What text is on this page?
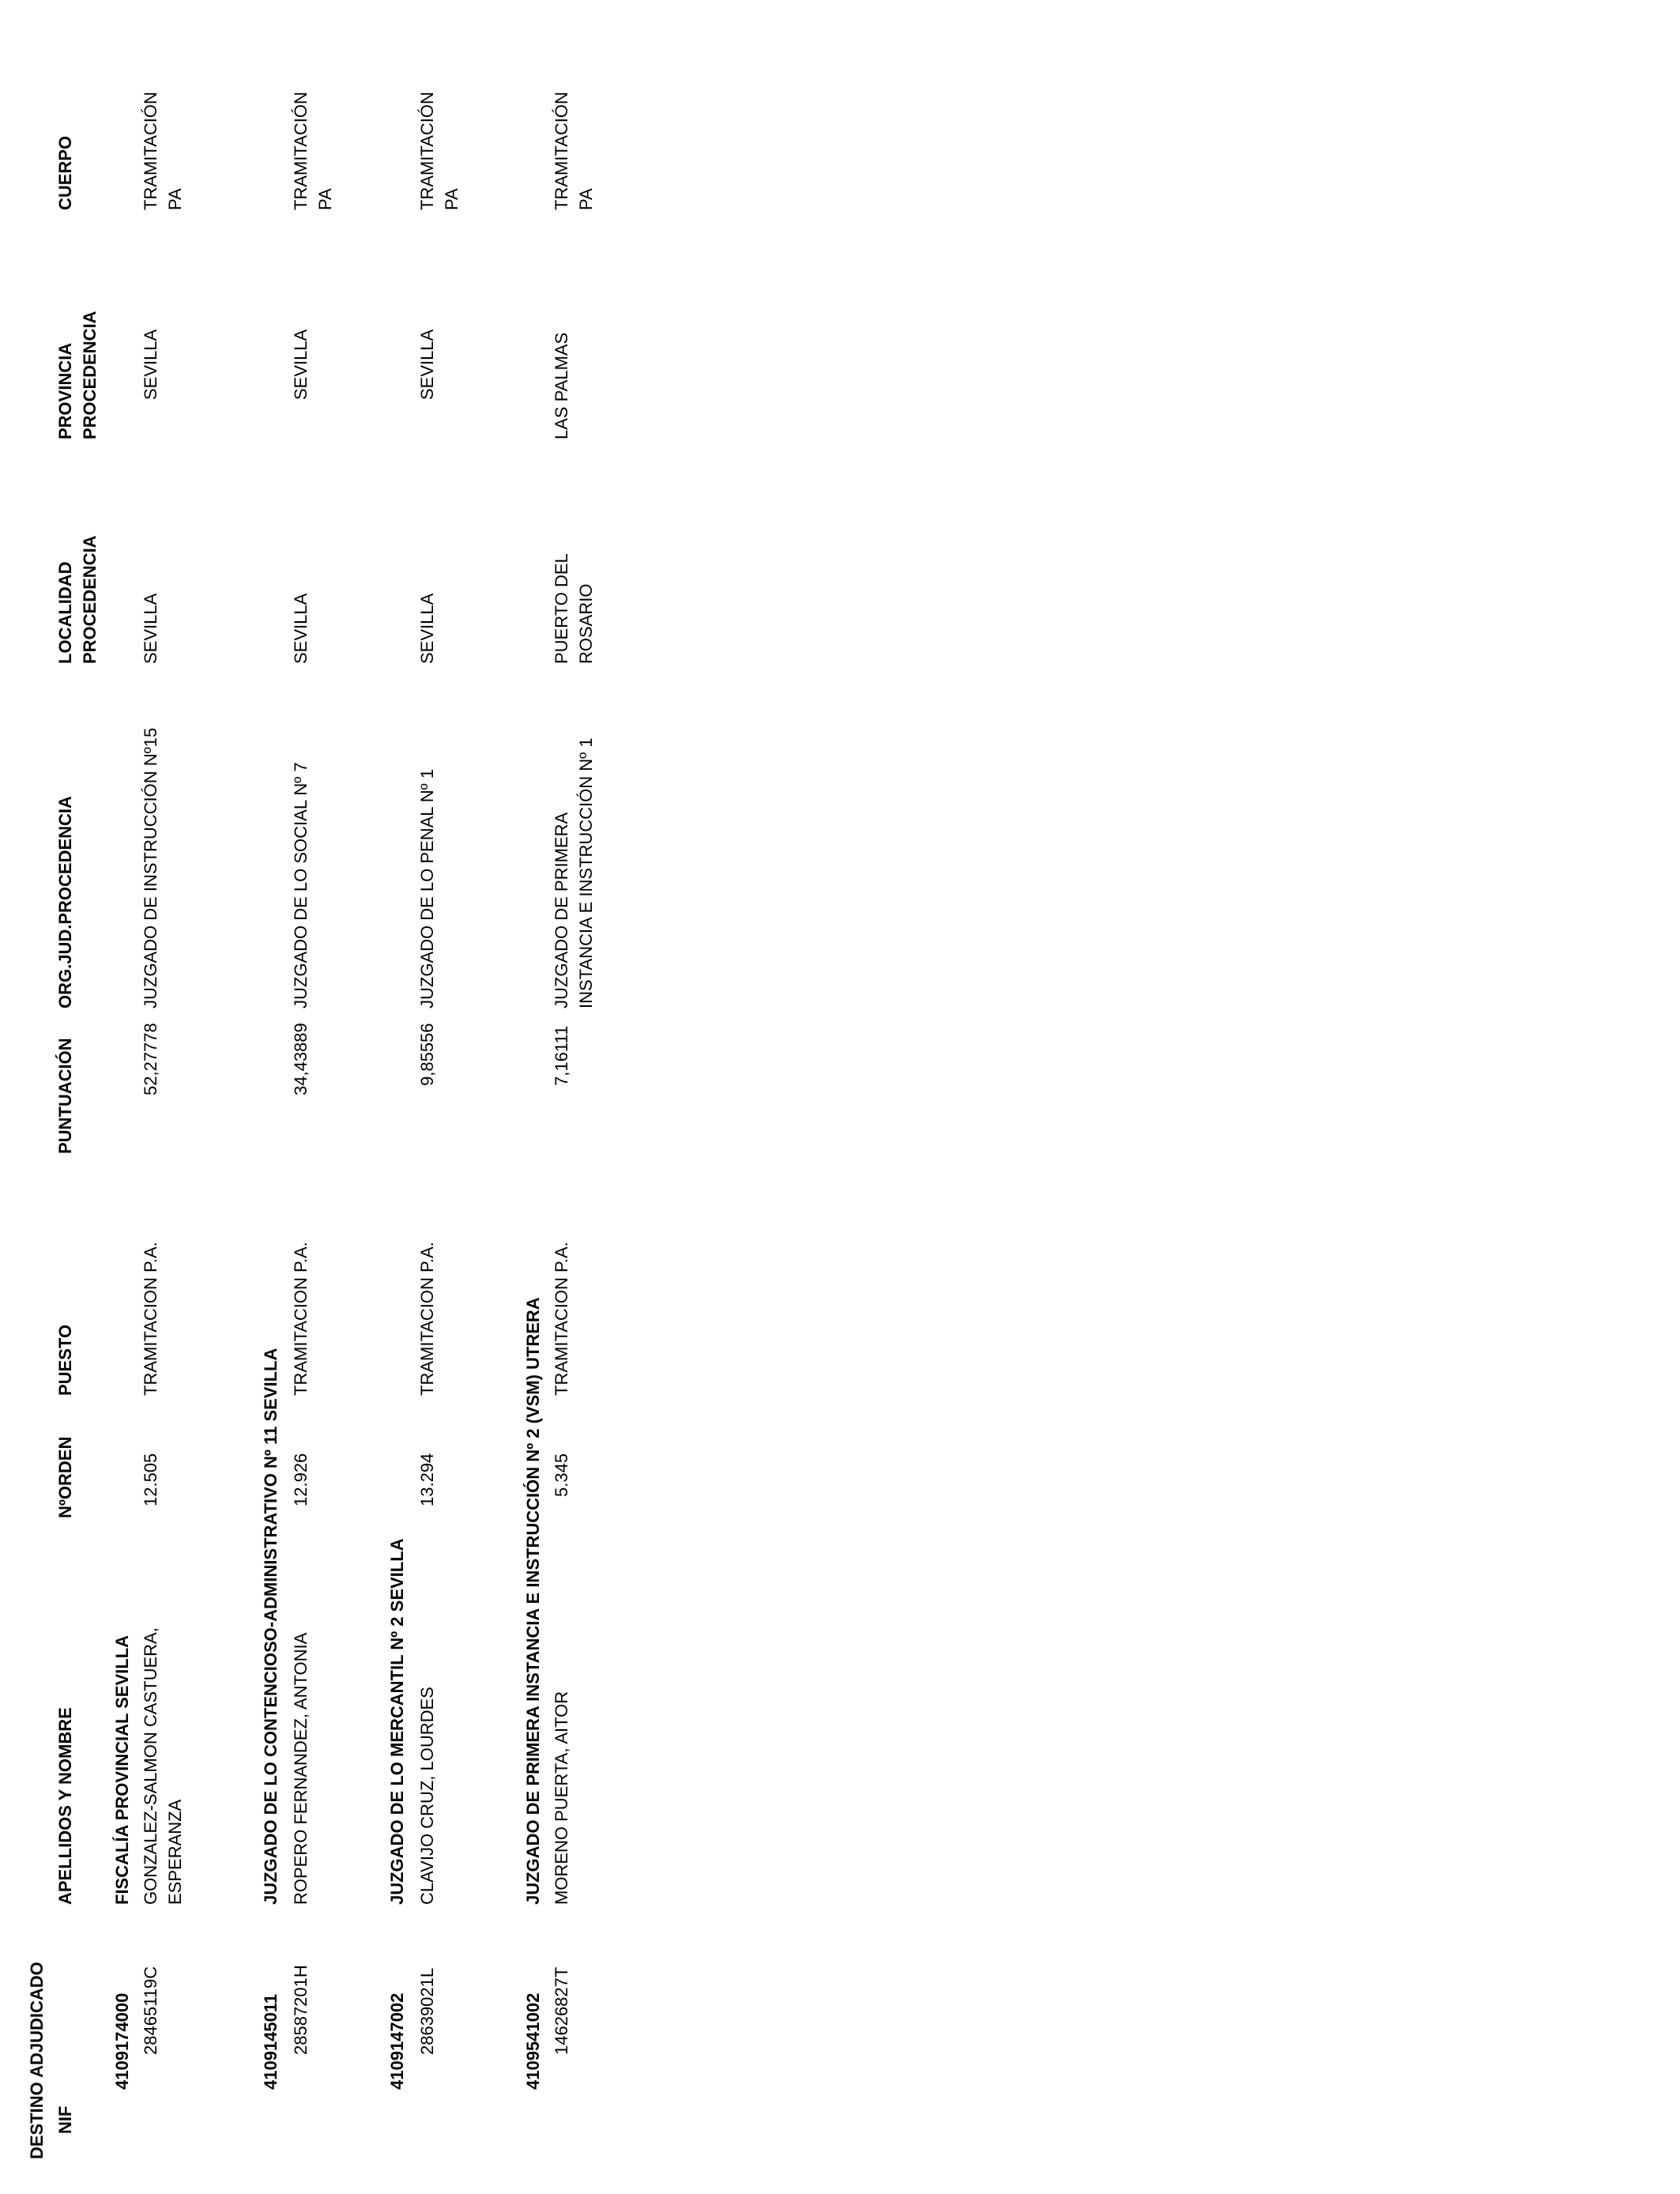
DESTINO ADJUDICADO NIF
APELLIDOS Y NOMBRE
NºORDEN
PUESTO
PUNTUACIÓN
ORG.JUD.PROCEDENCIA
LOCALIDAD PROCEDENCIA
PROVINCIA PROCEDENCIA
CUERPO
4109174000
FISCALÍA PROVINCIAL SEVILLA
28465119C
GONZALEZ-SALMON CASTUERA, ESPERANZA
12.505
TRAMITACION P.A.
52,27778
JUZGADO DE INSTRUCCIÓN Nº15
SEVILLA
SEVILLA
TRAMITACIÓN PA
4109145011
JUZGADO DE LO CONTENCIOSO-ADMINISTRATIVO Nº 11 SEVILLA
28587201H
ROPERO FERNANDEZ, ANTONIA
12.926
TRAMITACION P.A.
34,43889
JUZGADO DE LO SOCIAL Nº 7
SEVILLA
SEVILLA
TRAMITACIÓN PA
4109147002
JUZGADO DE LO MERCANTIL Nº 2 SEVILLA
28639021L
CLAVIJO CRUZ, LOURDES
13.294
TRAMITACION P.A.
9,85556
JUZGADO DE LO PENAL Nº 1
SEVILLA
SEVILLA
TRAMITACIÓN PA
4109541002
JUZGADO DE PRIMERA INSTANCIA E INSTRUCCIÓN Nº 2 (VSM) UTRERA
14626827T
MORENO PUERTA, AITOR
5.345
TRAMITACION P.A.
7,16111
JUZGADO DE PRIMERA INSTANCIA E INSTRUCCIÓN Nº 1
PUERTO DEL ROSARIO
LAS PALMAS
TRAMITACIÓN PA
